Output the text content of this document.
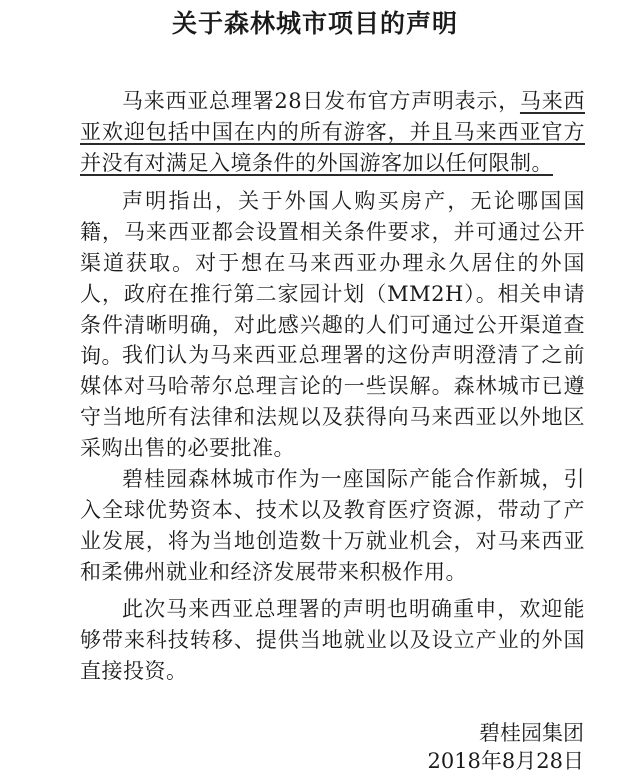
关于森林城市项目的声明

马来西亚总理署28日发布官方声明表示，马来西亚欢迎包括中国在内的所有游客，并且马来西亚官方并没有对满足入境条件的外国游客加以任何限制。

声明指出，关于外国人购买房产，无论哪国国籍，马来西亚都会设置相关条件要求，并可通过公开渠道获取。对于想在马来西亚办理永久居住的外国人，政府在推行第二家园计划（MM2H）。相关申请条件清晰明确，对此感兴趣的人们可通过公开渠道查询。 我们认为马来西亚总理署的这份声明澄清了之前媒体对马哈蒂尔总理言论的一些误解。森林城市已遵守当地所有法律和法规以及获得向马来西亚以外地区采购出售的必要批准。

碧桂园森林城市作为一座国际产能合作新城，引入全球优势资本、技术以及教育医疗资源，带动了产业发展，将为当地创造数十万就业机会，对马来西亚和柔佛州就业和经济发展带来积极作用。

此次马来西亚总理署的声明也明确重申，欢迎能够带来科技转移、提供当地就业以及设立产业的外国直接投资。

碧桂园集团
2018年8月28日
